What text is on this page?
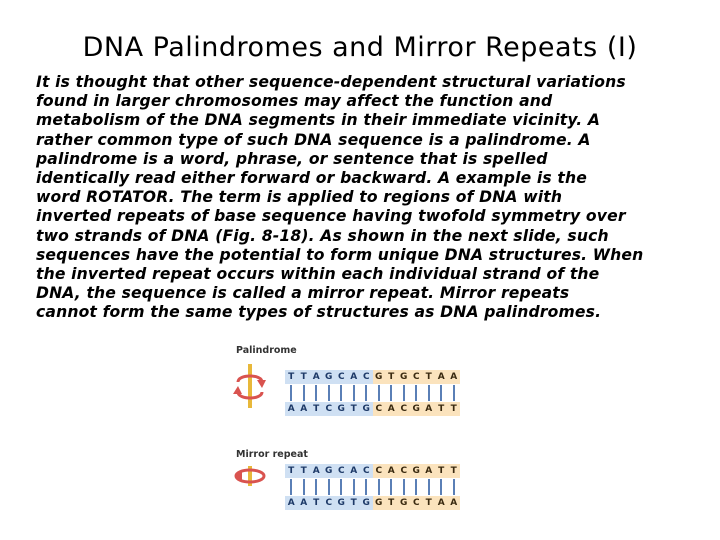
DNA Palindromes and Mirror Repeats (I)
It is thought that other sequence-dependent structural variations
found in larger chromosomes may affect the function and
metabolism of the DNA segments in their immediate vicinity. A
rather common type of such DNA sequence is a palindrome. A
palindrome is a word, phrase, or sentence that is spelled
identically read either forward or backward. A example is the
word ROTATOR. The term is applied to regions of DNA with
inverted repeats of base sequence having twofold symmetry over
two strands of DNA (Fig. 8-18). As shown in the next slide, such
sequences have the potential to form unique DNA structures. When
the inverted repeat occurs within each individual strand of the
DNA, the sequence is called a mirror repeat. Mirror repeats
cannot form the same types of structures as DNA palindromes.
Palindrome
T T A G C A C G T G C T A A
A A T C G T G C A C G A T T
Mirror repeat
T T A G C A C C A C G A T T
A A T C G T G G T G C T A A
